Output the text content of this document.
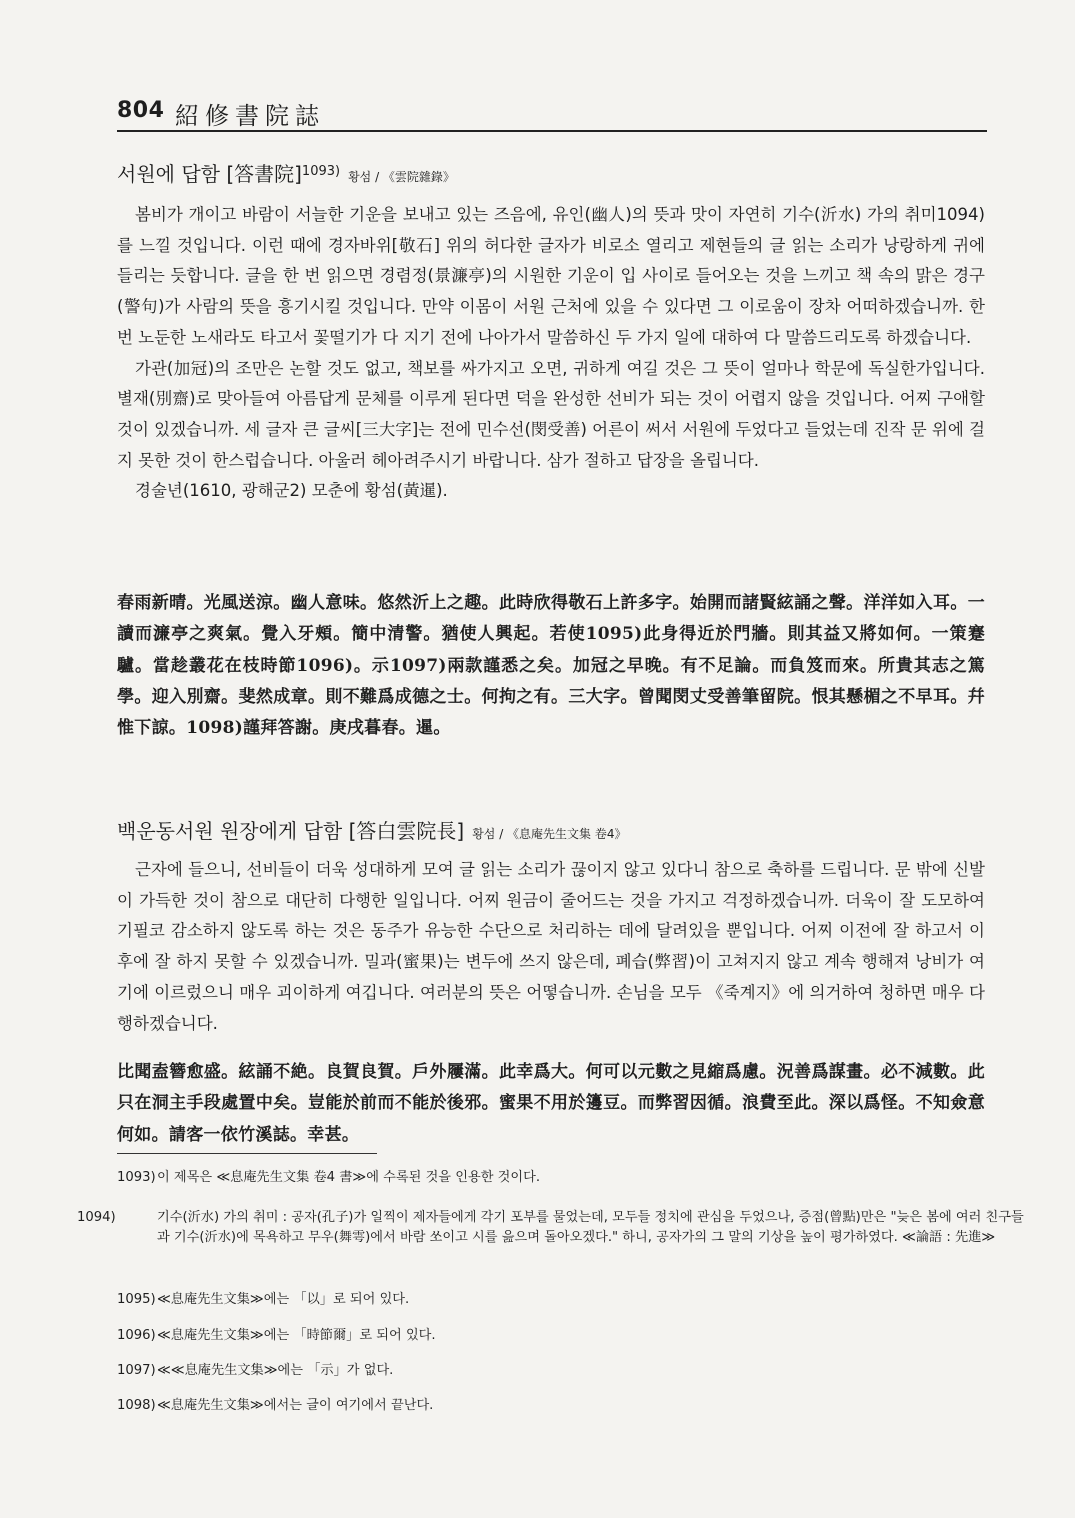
804 紹修書院誌
서원에 답함 [答書院]$^{1093)}$ 황섬 / 《雲院雜錄》

봄비가 개이고 바람이 서늘한 기운을 보내고 있는 즈음에, 유인(幽人)의 뜻과 맛이 자연히 기수(沂水) 가의 취미1094)를 느낄 것입니다. 이런 때에 경자바위[敬石] 위의 허다한 글자가 비로소 열리고 제현들의 글 읽는 소리가 낭랑하게 귀에 들리는 듯합니다. 글을 한 번 읽으면 경렴정(景濂亭)의 시원한 기운이 입 사이로 들어오는 것을 느끼고 책 속의 맑은 경구(警句)가 사람의 뜻을 흥기시킬 것입니다. 만약 이몸이 서원 근처에 있을 수 있다면 그 이로움이 장차 어떠하겠습니까. 한 번 노둔한 노새라도 타고서 꽃떨기가 다 지기 전에 나아가서 말씀하신 두 가지 일에 대하여 다 말씀드리도록 하겠습니다.

가관(加冠)의 조만은 논할 것도 없고, 책보를 싸가지고 오면, 귀하게 여길 것은 그 뜻이 얼마나 학문에 독실한가입니다. 별재(別齋)로 맞아들여 아름답게 문체를 이루게 된다면 덕을 완성한 선비가 되는 것이 어렵지 않을 것입니다. 어찌 구애할 것이 있겠습니까. 세 글자 큰 글씨[三大字]는 전에 민수선(閔受善) 어른이 써서 서원에 두었다고 들었는데 진작 문 위에 걸지 못한 것이 한스럽습니다. 아울러 헤아려주시기 바랍니다. 삼가 절하고 답장을 올립니다.

경술년(1610, 광해군2) 모춘에 황섬(黃暹).

春雨新晴。光風送涼。幽人意味。悠然沂上之趣。此時欣得敬石上許多字。始開而諸賢絃誦之聲。洋洋如入耳。一讀而濂亭之爽氣。覺入牙頰。簡中清警。猶使人興起。若使1095)此身得近於門牆。則其益又將如何。一策蹇驢。當趁叢花在枝時節1096)。示1097)兩款謹悉之矣。加冠之早晚。有不足論。而負笈而來。所貴其志之篤學。迎入別齋。斐然成章。則不難爲成德之士。何拘之有。三大字。曾聞閔丈受善筆留院。恨其懸楣之不早耳。幷惟下諒。1098)謹拜答謝。庚戌暮春。暹。
백운동서원 원장에게 답함 [答白雲院長] 황섬 / 《息庵先生文集 卷4》

근자에 들으니, 선비들이 더욱 성대하게 모여 글 읽는 소리가 끊이지 않고 있다니 참으로 축하를 드립니다. 문 밖에 신발이 가득한 것이 참으로 대단히 다행한 일입니다. 어찌 원금이 줄어드는 것을 가지고 걱정하겠습니까. 더욱이 잘 도모하여 기필코 감소하지 않도록 하는 것은 동주가 유능한 수단으로 처리하는 데에 달려있을 뿐입니다. 어찌 이전에 잘 하고서 이후에 잘 하지 못할 수 있겠습니까. 밀과(蜜果)는 변두에 쓰지 않은데, 폐습(弊習)이 고쳐지지 않고 계속 행해져 낭비가 여기에 이르렀으니 매우 괴이하게 여깁니다. 여러분의 뜻은 어떻습니까. 손님을 모두 《죽계지》에 의거하여 청하면 매우 다행하겠습니다.

比聞盍簪愈盛。絃誦不絶。良賀良賀。戶外屨滿。此幸爲大。何可以元數之見縮爲慮。況善爲謀畫。必不減數。此只在洞主手段處置中矣。豈能於前而不能於後邪。蜜果不用於籩豆。而弊習因循。浪費至此。深以爲怪。不知僉意何如。請客一依竹溪誌。幸甚。
1093)이 제목은 ≪息庵先生文集 卷4 書≫에 수록된 것을 인용한 것이다.
1094)	기수(沂水) 가의 취미 : 공자(孔子)가 일찍이 제자들에게 각기 포부를 물었는데, 모두들 정치에 관심을 두었으나, 증점(曾點)만은 "늦은 봄에 여러 친구들과 기수(沂水)에 목욕하고 무우(舞雩)에서 바람 쏘이고 시를 읊으며 돌아오겠다." 하니, 공자가의 그 말의 기상을 높이 평가하였다. ≪論語 : 先進≫
1095)≪息庵先生文集≫에는 「以」로 되어 있다.
1096)≪息庵先生文集≫에는 「時節爾」로 되어 있다.
1097)≪≪息庵先生文集≫에는 「示」가 없다.
1098)≪息庵先生文集≫에서는 글이 여기에서 끝난다.
